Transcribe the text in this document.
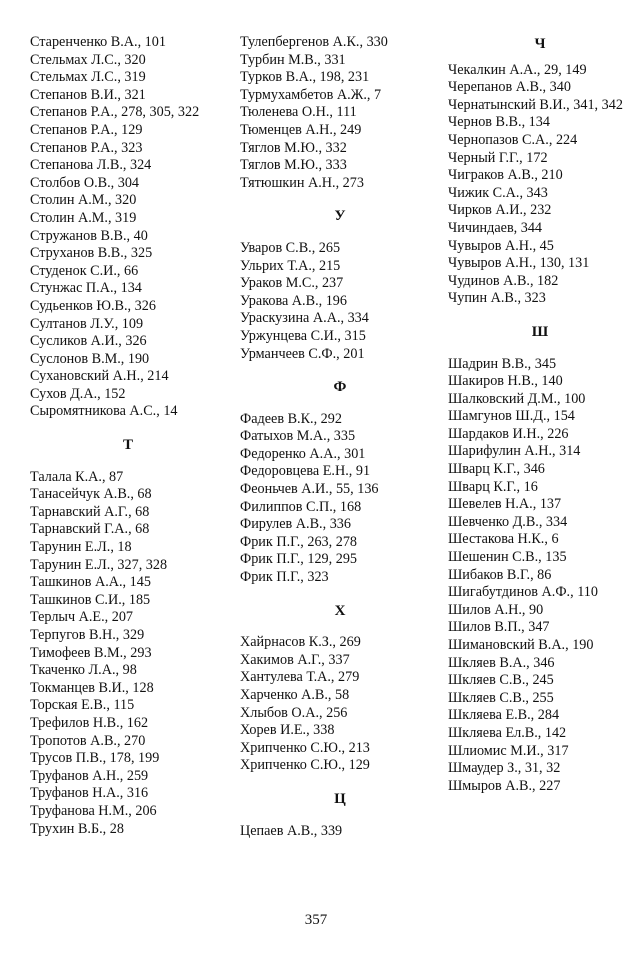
Старенченко В.А., 101
Стельмах Л.С., 320
Стельмах Л.С., 319
Степанов В.И., 321
Степанов Р.А., 278, 305, 322
Степанов Р.А., 129
Степанов Р.А., 323
Степанова Л.В., 324
Столбов О.В., 304
Столин А.М., 320
Столин А.М., 319
Стружанов В.В., 40
Струханов В.В., 325
Студенок С.И., 66
Стунжас П.А., 134
Судьенков Ю.В., 326
Султанов Л.У., 109
Сусликов А.И., 326
Суслонов В.М., 190
Сухановский А.Н., 214
Сухов Д.А., 152
Сыромятникова А.С., 14
Т
Талала К.А., 87
Танасейчук А.В., 68
Тарнавский А.Г., 68
Тарнавский Г.А., 68
Тарунин Е.Л., 18
Тарунин Е.Л., 327, 328
Ташкинов А.А., 145
Ташкинов С.И., 185
Терлыч А.Е., 207
Терпугов В.Н., 329
Тимофеев В.М., 293
Ткаченко Л.А., 98
Токманцев В.И., 128
Торская Е.В., 115
Трефилов Н.В., 162
Тропотов А.В., 270
Трусов П.В., 178, 199
Труфанов А.Н., 259
Труфанов Н.А., 316
Труфанова Н.М., 206
Трухин В.Б., 28
Тулепбергенов А.К., 330
Турбин М.В., 331
Турков В.А., 198, 231
Турмухамбетов А.Ж., 7
Тюленева О.Н., 111
Тюменцев А.Н., 249
Тяглов М.Ю., 332
Тяглов М.Ю., 333
Тятюшкин А.Н., 273
У
Уваров С.В., 265
Ульрих Т.А., 215
Ураков М.С., 237
Уракова А.В., 196
Ураскузина А.А., 334
Уржунцева С.И., 315
Урманчеев С.Ф., 201
Ф
Фадеев В.К., 292
Фатыхов М.А., 335
Федоренко А.А., 301
Федоровцева Е.Н., 91
Феоньчев А.И., 55, 136
Филиппов С.П., 168
Фирулев А.В., 336
Фрик П.Г., 263, 278
Фрик П.Г., 129, 295
Фрик П.Г., 323
Х
Хайрнасов К.З., 269
Хакимов А.Г., 337
Хантулева Т.А., 279
Харченко А.В., 58
Хлыбов О.А., 256
Хорев И.Е., 338
Хрипченко С.Ю., 213
Хрипченко С.Ю., 129
Ц
Цепаев А.В., 339
Ч
Чекалкин А.А., 29, 149
Черепанов А.В., 340
Чернатынский В.И., 341, 342
Чернов В.В., 134
Чернопазов С.А., 224
Черный Г.Г., 172
Чиграков А.В., 210
Чижик С.А., 343
Чирков А.И., 232
Чичиндаев, 344
Чувыров А.Н., 45
Чувыров А.Н., 130, 131
Чудинов А.В., 182
Чупин А.В., 323
Ш
Шадрин В.В., 345
Шакиров Н.В., 140
Шалковский Д.М., 100
Шамгунов Ш.Д., 154
Шардаков И.Н., 226
Шарифулин А.Н., 314
Шварц К.Г., 346
Шварц К.Г., 16
Шевелев Н.А., 137
Шевченко Д.В., 334
Шестакова Н.К., 6
Шешенин С.В., 135
Шибаков В.Г., 86
Шигабутдинов А.Ф., 110
Шилов А.Н., 90
Шилов В.П., 347
Шимановский В.А., 190
Шкляев В.А., 346
Шкляев С.В., 245
Шкляев С.В., 255
Шкляева Е.В., 284
Шкляева Ел.В., 142
Шлиомис М.И., 317
Шмаудер З., 31, 32
Шмыров А.В., 227
357
